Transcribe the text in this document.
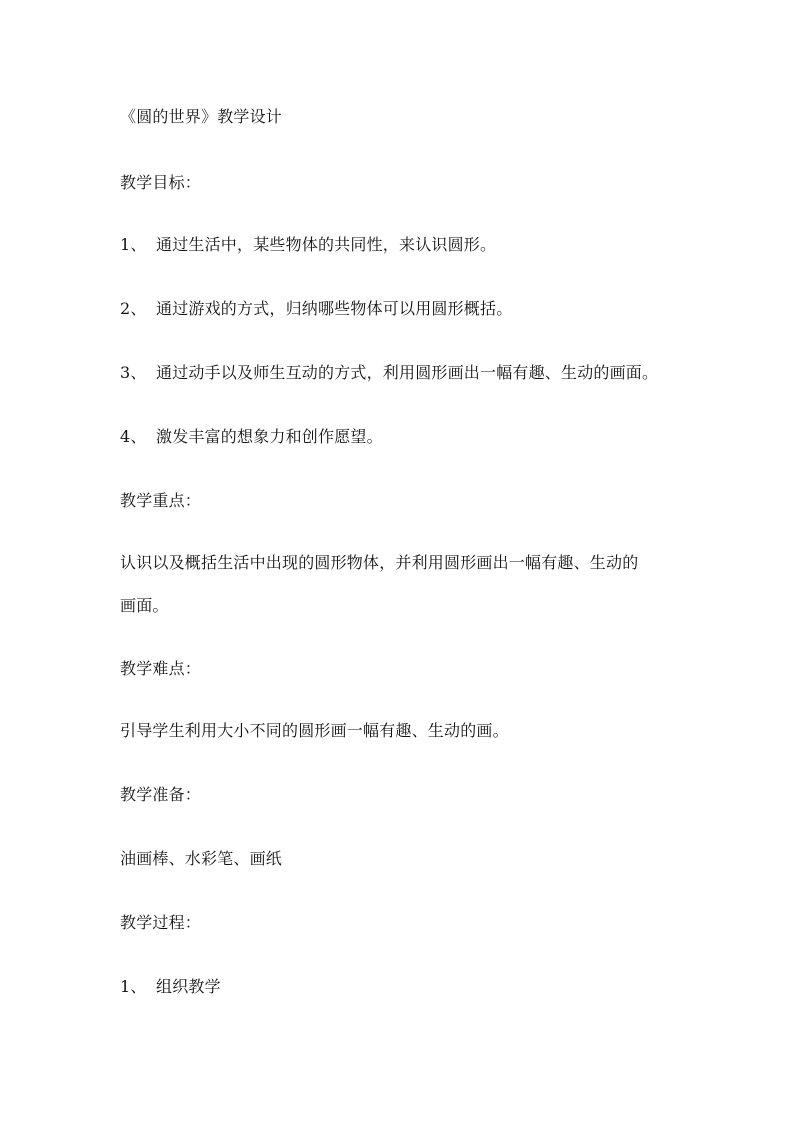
《圆的世界》教学设计
教学目标：
1、 通过生活中，某些物体的共同性，来认识圆形。
2、 通过游戏的方式，归纳哪些物体可以用圆形概括。
3、 通过动手以及师生互动的方式，利用圆形画出一幅有趣、生动的画面。
4、 激发丰富的想象力和创作愿望。
教学重点：
认识以及概括生活中出现的圆形物体，并利用圆形画出一幅有趣、生动的
画面。
教学难点：
引导学生利用大小不同的圆形画一幅有趣、生动的画。
教学准备：
油画棒、水彩笔、画纸
教学过程：
1、 组织教学
